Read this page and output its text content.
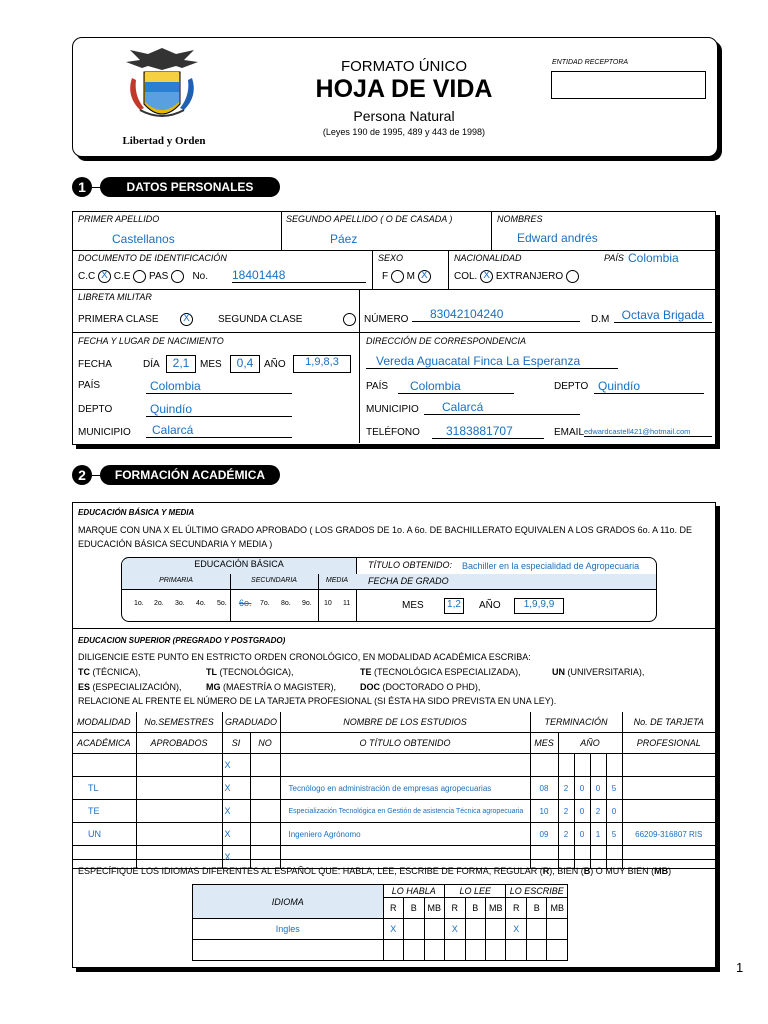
Libertad y Orden
FORMATO ÚNICO
HOJA DE VIDA
Persona Natural
(Leyes 190 de 1995, 489 y 443 de 1998)
ENTIDAD RECEPTORA
1	DATOS PERSONALES
PRIMER APELLIDO
Castellanos
SEGUNDO APELLIDO ( O DE CASADA )
Páez
NOMBRES
Edward andrés
DOCUMENTO DE IDENTIFICACIÓN
C.C X C.E PAS No. 18401448
SEXO
F M X
NACIONALIDAD
COL. X EXTRANJERO
PAÍS Colombia
LIBRETA MILITAR
PRIMERA CLASE X	SEGUNDA CLASE	NÚMERO	83042104240	D.M	Octava Brigada
FECHA Y LUGAR DE NACIMIENTO
FECHA	DÍA	2,1	MES	0,4	AÑO	1,9,8,3
PAÍS	Colombia
DEPTO	Quindío
MUNICIPIO	Calarcá
DIRECCIÓN DE CORRESPONDENCIA
Vereda Aguacatal Finca La Esperanza
PAÍS	Colombia	DEPTO Quindío
MUNICIPIO	Calarcá
TELÉFONO	3183881707	EMAIL edwardcastell421@hotmail.com
2	FORMACIÓN ACADÉMICA
EDUCACIÓN BÁSICA Y MEDIA
MARQUE CON UNA X EL ÚLTIMO GRADO APROBADO ( LOS GRADOS DE 1o. A 6o. DE BACHILLERATO EQUIVALEN A LOS GRADOS 6o. A 11o. DE EDUCACIÓN BÁSICA SECUNDARIA Y MEDIA )
EDUCACIÓN BÁSICA
PRIMARIA	SECUNDARIA	MEDIA
1o. 2o. 3o. 4o. 5o. 6o. 7o. 8o. 9o. 10 11
TÍTULO OBTENIDO: Bachiller en la especialidad de Agropecuaria
FECHA DE GRADO
MES	1,2	AÑO	1,9,9,9
EDUCACION SUPERIOR (PREGRADO Y POSTGRADO)
DILIGENCIE ESTE PUNTO EN ESTRICTO ORDEN CRONOLÓGICO, EN MODALIDAD ACADÉMICA ESCRIBA:
TC (TÉCNICA),	TL (TECNOLÓGICA),	TE (TECNOLÓGICA ESPECIALIZADA),	UN (UNIVERSITARIA),
ES (ESPECIALIZACIÓN),	MG (MAESTRÍA O MAGISTER),	DOC (DOCTORADO O PHD),
RELACIONE AL FRENTE EL NÚMERO DE LA TARJETA PROFESIONAL (SI ÉSTA HA SIDO PREVISTA EN UNA LEY).
MODALIDAD	No.SEMESTRES	GRADUADO		NOMBRE DE LOS ESTUDIOS	TERMINACIÓN					No. DE TARJETA
ACADÉMICA	APROBADOS	SI	NO	O TÍTULO OBTENIDO	MES	AÑO				PROFESIONAL
		X								
TL		X		Tecnólogo en administración de empresas agropecuarias	08	2	0	0	5	
TE		X		Especialización Tecnológica en Gestión de asistencia Técnica agropecuaria	10	2	0	2	0	
UN		X		Ingeniero Agrónomo	09	2	0	1	5	66209-316807 RIS
		X								
ESPECÍFIQUE LOS IDIOMAS DIFERENTES AL ESPAÑOL QUE: HABLA, LEE, ESCRIBE DE FORMA, REGULAR (R), BIEN (B) O MUY BIEN (MB)
IDIOMA	LO HABLA			LO LEE			LO ESCRIBE		
	R	B	MB	R	B	MB	R	B	MB
Ingles	X			X			X		

1
